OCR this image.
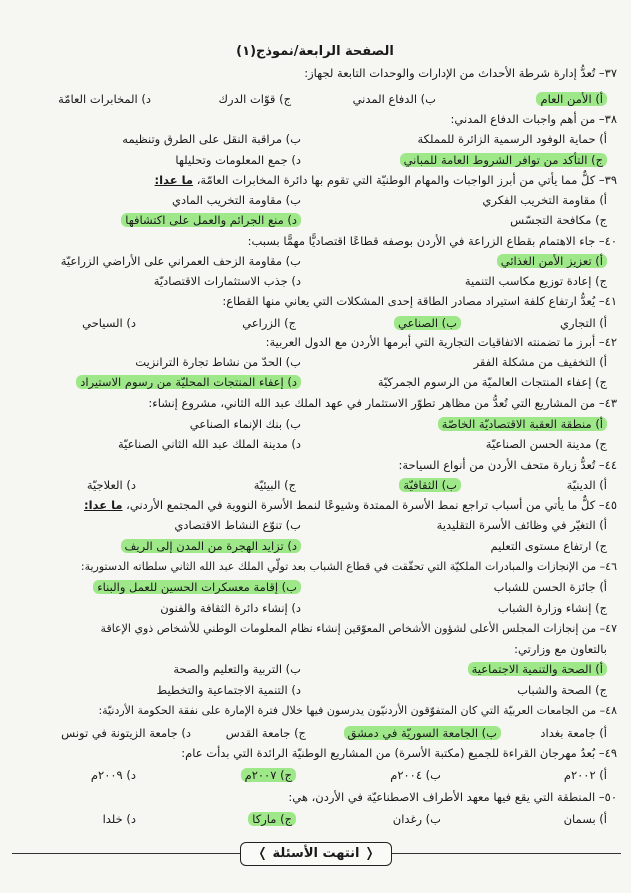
الصفحة الرابعة/نموذج(١)
٣٧– تُعدُّ إدارة شرطة الأحداث من الإدارات والوحدات التابعة لجهاز:
أ) الأمن العام
ب) الدفاع المدني
ج) قوّات الدرك
د) المخابرات العامّة
٣٨– من أهم واجبات الدفاع المدني:
أ) حماية الوفود الرسمية الزائرة للمملكة
ب) مراقبة النقل على الطرق وتنظيمه
ج) التأكد من توافر الشروط العامة للمباني
د) جمع المعلومات وتحليلها
٣٩– كلٌّ مما يأتي من أبرز الواجبات والمهام الوطنيّة التي تقوم بها دائرة المخابرات العامّة، ما عدا:
أ) مقاومة التخريب الفكري
ب) مقاومة التخريب المادي
ج) مكافحة التجسّس
د) منع الجرائم والعمل على اكتشافها
٤٠– جاء الاهتمام بقطاع الزراعة في الأردن بوصفه قطاعًا اقتصاديًّا مهمًّا بسبب:
أ) تعزيز الأمن الغذائي
ب) مقاومة الزحف العمراني على الأراضي الزراعيّة
ج) إعادة توزيع مكاسب التنمية
د) جذب الاستثمارات الاقتصاديّة
٤١– يُعدُّ ارتفاع كلفة استيراد مصادر الطاقة إحدى المشكلات التي يعاني منها القطاع:
أ) التجاري
ب) الصناعي
ج) الزراعي
د) السياحي
٤٢– أبرز ما تضمنته الاتفاقيات التجارية التي أبرمها الأردن مع الدول العربية:
أ) التخفيف من مشكلة الفقر
ب) الحدّ من نشاط تجارة الترانزيت
ج) إعفاء المنتجات العالميّة من الرسوم الجمركيّة
د) إعفاء المنتجات المحليّة من رسوم الاستيراد
٤٣– من المشاريع التي تُعدُّ من مظاهر تطوّر الاستثمار في عهد الملك عبد الله الثاني، مشروع إنشاء:
أ) منطقة العقبة الاقتصاديّة الخاصّة
ب) بنك الإنماء الصناعي
ج) مدينة الحسن الصناعيّة
د) مدينة الملك عبد الله الثاني الصناعيّة
٤٤– تُعدُّ زيارة متحف الأردن من أنواع السياحة:
أ) الدينيّة
ب) الثقافيّة
ج) البيئيّة
د) العلاجيّة
٤٥– كلٌّ ما يأتي من أسباب تراجع نمط الأسرة الممتدة وشيوعًا لنمط الأسرة النووية في المجتمع الأردني، ما عدا:
أ) التغيّر في وظائف الأسرة التقليدية
ب) تنوّع النشاط الاقتصادي
ج) ارتفاع مستوى التعليم
د) تزايد الهجرة من المدن إلى الريف
٤٦– من الإنجازات والمبادرات الملكيّة التي تحقّقت في قطاع الشباب بعد تولّي الملك عبد الله الثاني سلطاته الدستورية:
أ) جائزة الحسن للشباب
ب) إقامة معسكرات الحسين للعمل والبناء
ج) إنشاء وزارة الشباب
د) إنشاء دائرة الثقافة والفنون
٤٧– من إنجازات المجلس الأعلى لشؤون الأشخاص المعوّقين إنشاء نظام المعلومات الوطني للأشخاص ذوي الإعاقة
بالتعاون مع وزارتي:
أ) الصحة والتنمية الاجتماعية
ب) التربية والتعليم والصحة
ج) الصحة والشباب
د) التنمية الاجتماعية والتخطيط
٤٨– من الجامعات العربيّة التي كان المتفوّقون الأردنيّون يدرسون فيها خلال فترة الإمارة على نفقة الحكومة الأردنيّة:
أ) جامعة بغداد
ب) الجامعة السوريّة في دمشق
ج) جامعة القدس
د) جامعة الزيتونة في تونس
٤٩– بُعدُ مهرجان القراءة للجميع (مكتبة الأسرة) من المشاريع الوطنيّة الرائدة التي بدأت عام:
أ) ٢٠٠٢م
ب) ٢٠٠٤م
ج) ٢٠٠٧م
د) ٢٠٠٩م
٥٠– المنطقة التي يقع فيها معهد الأطراف الاصطناعيّة في الأردن، هي:
أ) بسمان
ب) رغدان
ج) ماركا
د) خلدا
❬ انتهت الأسئلة ❭
